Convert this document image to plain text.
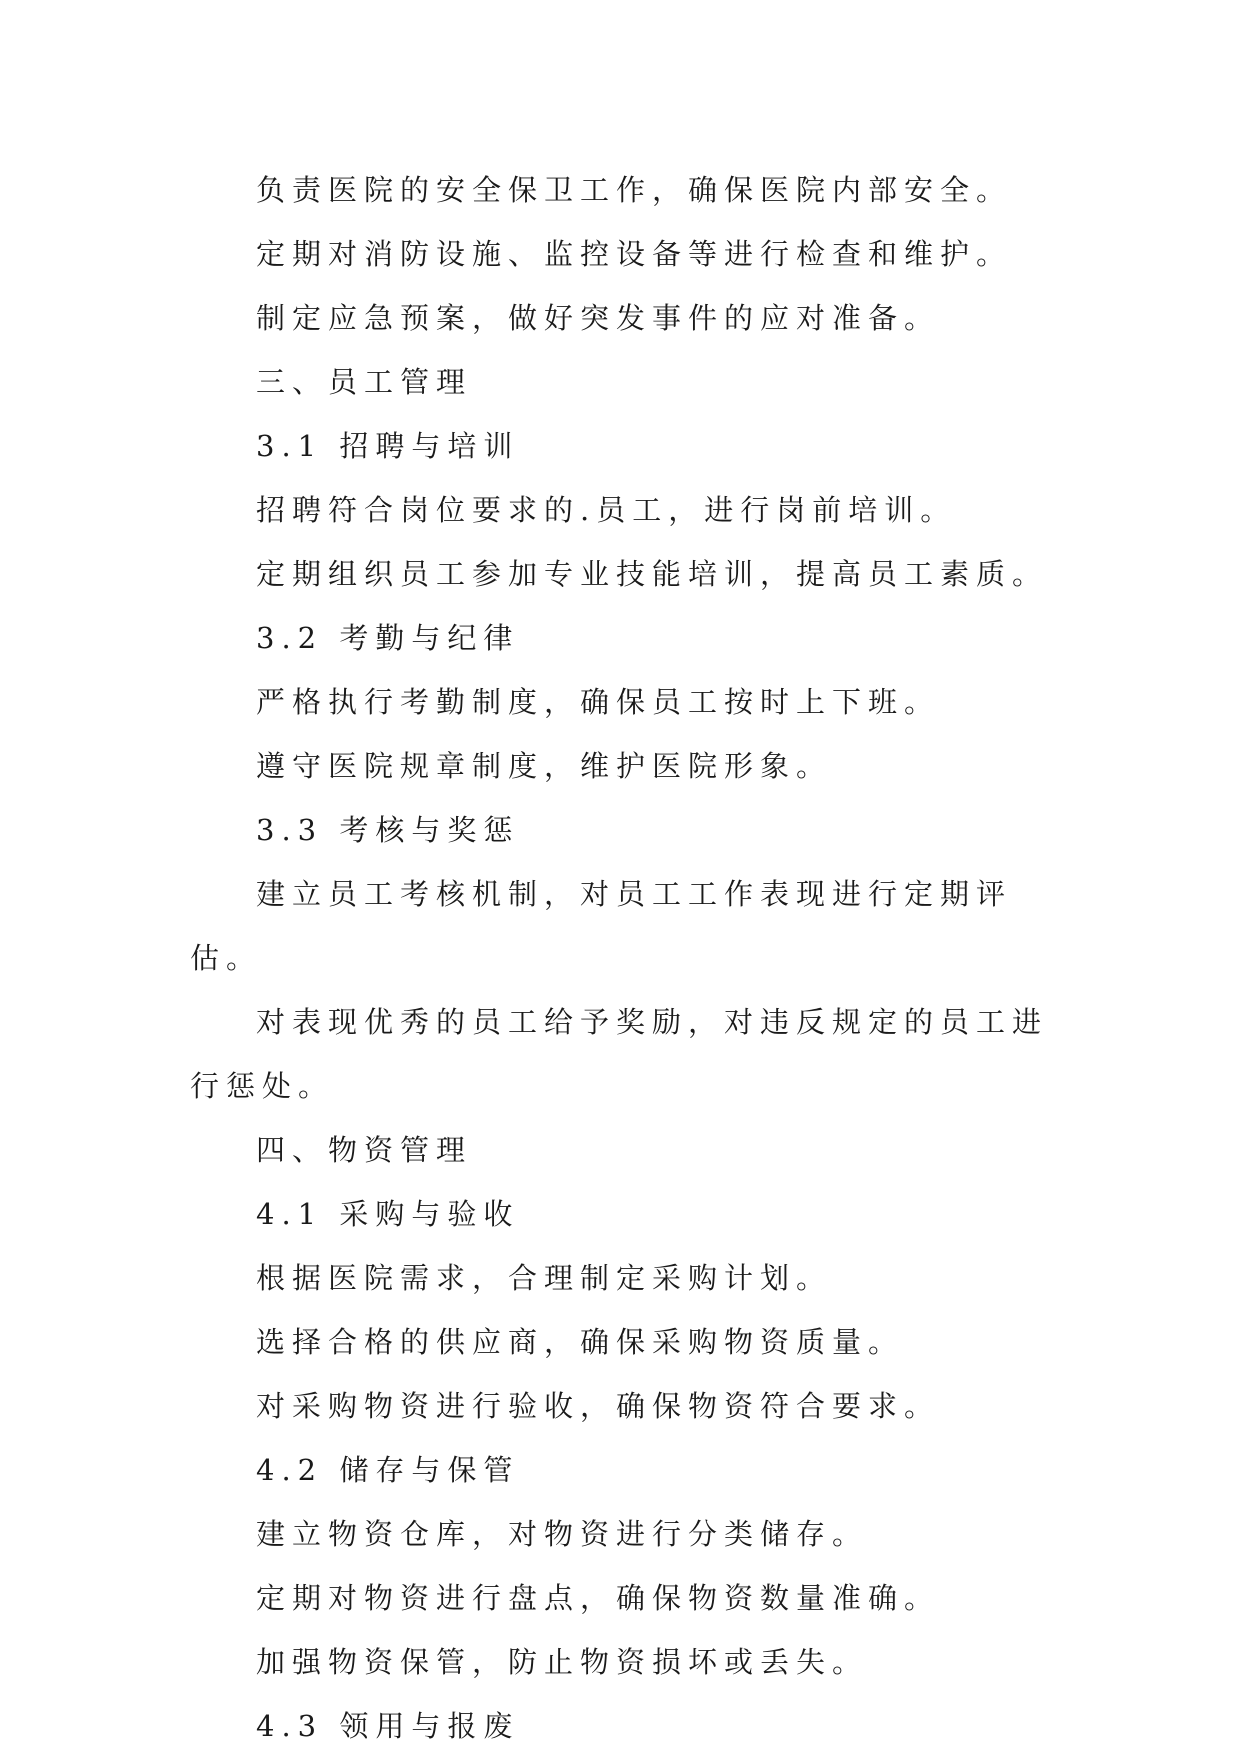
负责医院的安全保卫工作，确保医院内部安全。

定期对消防设施、监控设备等进行检查和维护。

制定应急预案，做好突发事件的应对准备。

三、员工管理

3.1 招聘与培训

招聘符合岗位要求的.员工，进行岗前培训。

定期组织员工参加专业技能培训，提高员工素质。

3.2 考勤与纪律

严格执行考勤制度，确保员工按时上下班。

遵守医院规章制度，维护医院形象。

3.3 考核与奖惩

建立员工考核机制，对员工工作表现进行定期评估。

对表现优秀的员工给予奖励，对违反规定的员工进行惩处。

四、物资管理

4.1 采购与验收

根据医院需求，合理制定采购计划。

选择合格的供应商，确保采购物资质量。

对采购物资进行验收，确保物资符合要求。

4.2 储存与保管

建立物资仓库，对物资进行分类储存。

定期对物资进行盘点，确保物资数量准确。

加强物资保管，防止物资损坏或丢失。

4.3 领用与报废
